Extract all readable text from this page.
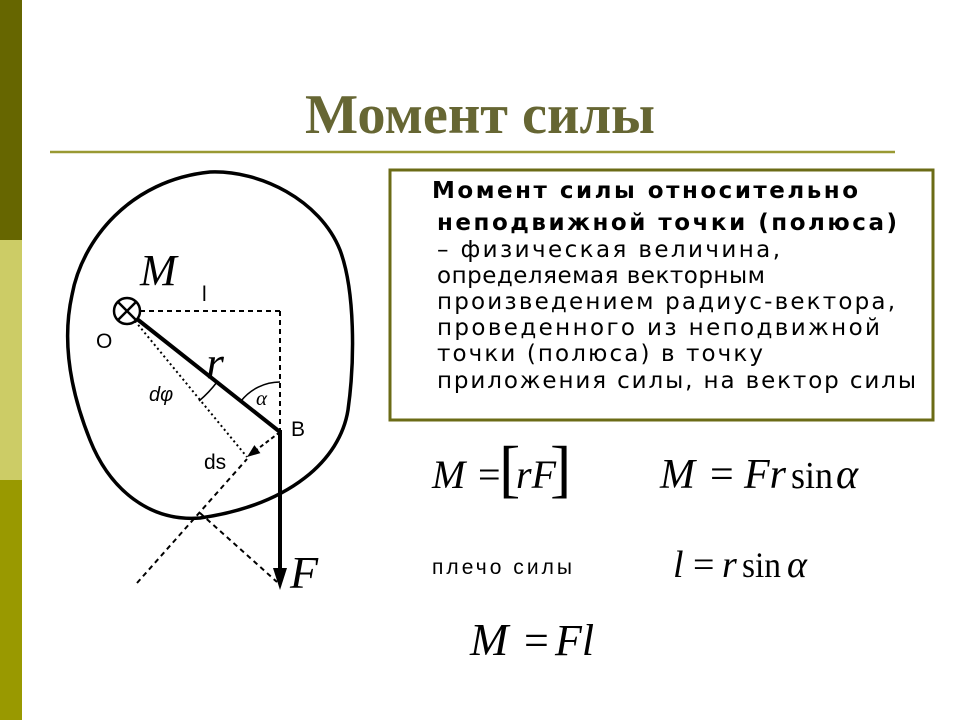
Момент силы
Момент силы относительно
неподвижной точки (полюса)
– физическая величина,
определяемая векторным
произведением радиус-вектора,
проведенного из неподвижной
точки (полюса) в точку
приложения силы, на вектор силы
M =
[
rF
] M = Fr sin α
плечо силы	l = r sin α
M = Fl
M l
O r
dφ	α
B
ds
F
